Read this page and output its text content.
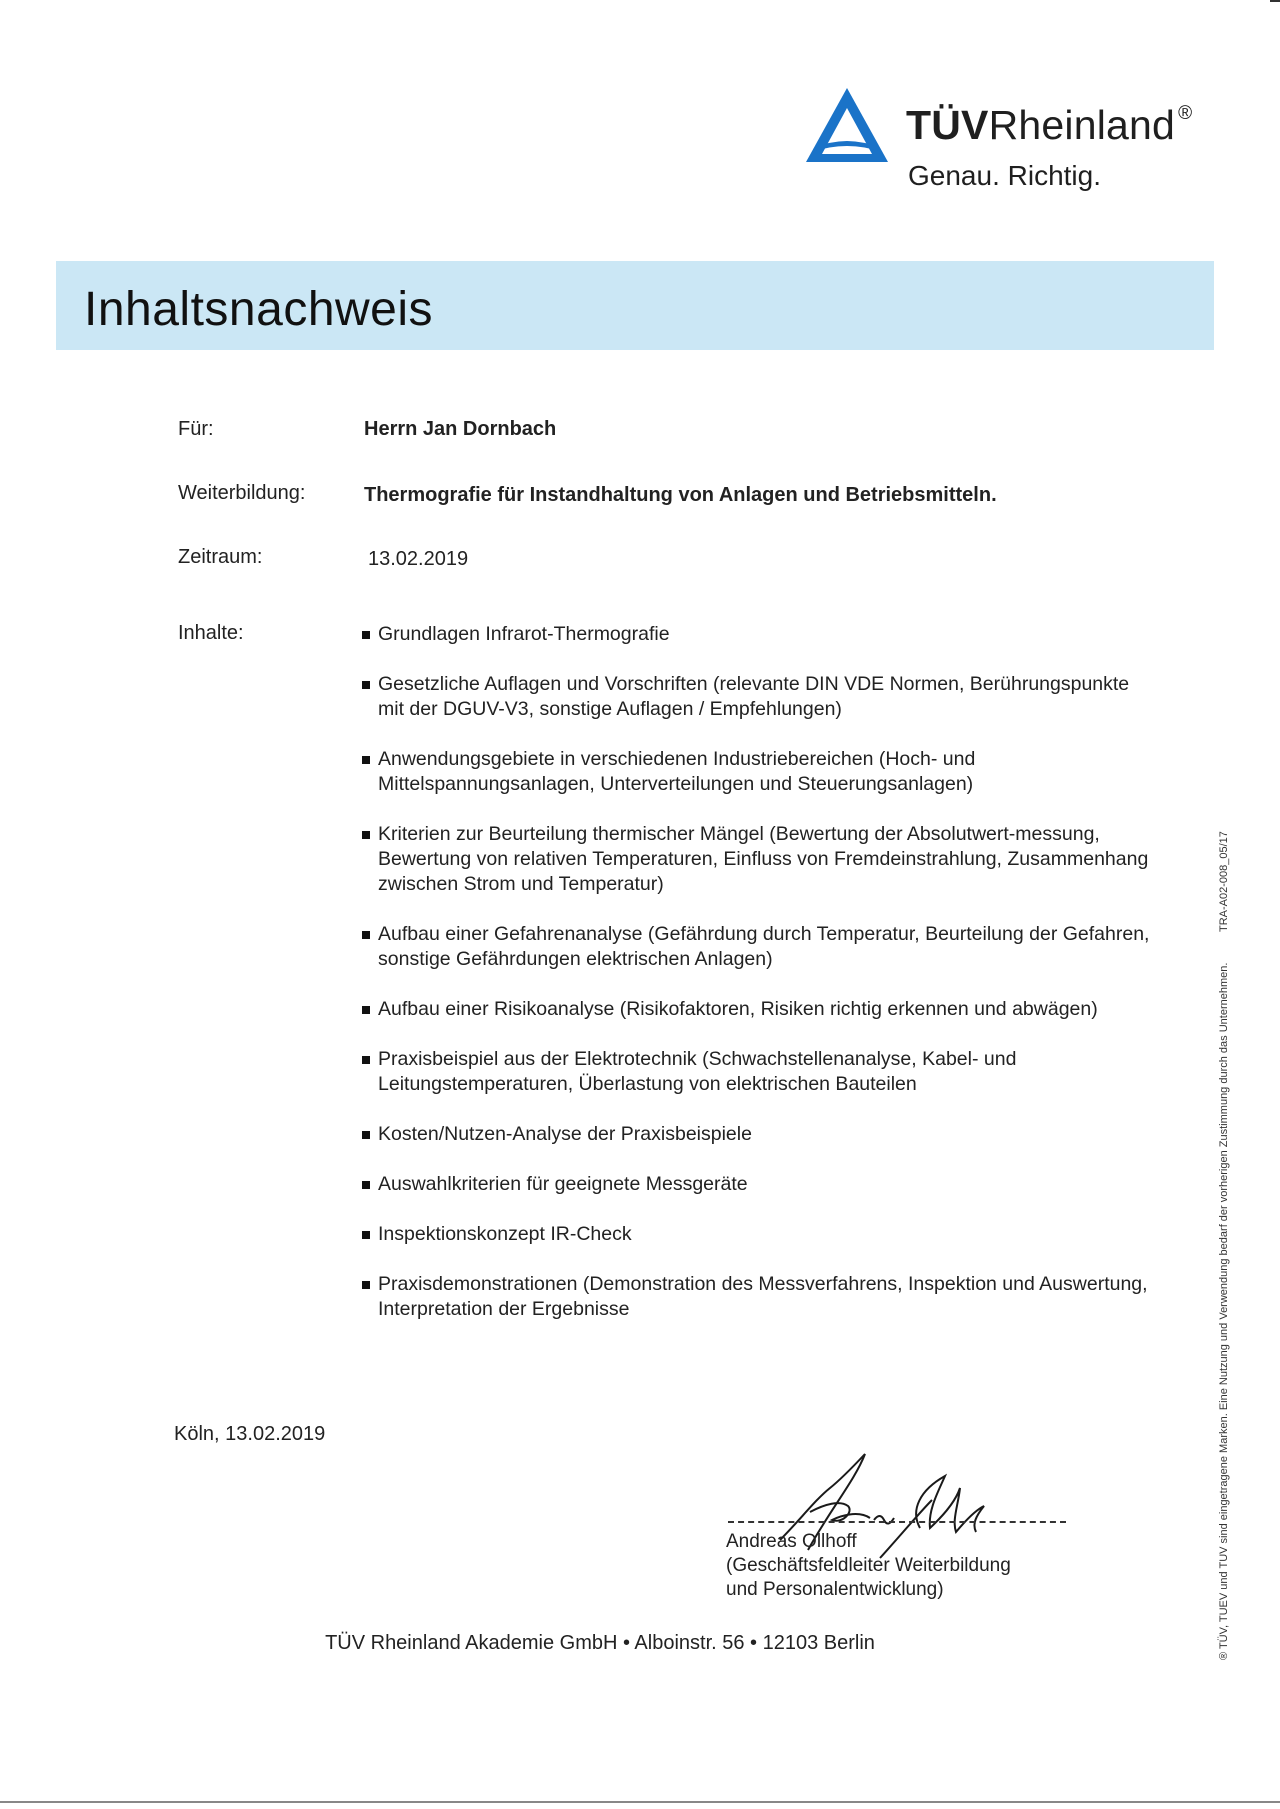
TÜVRheinland ®
Genau. Richtig.
Inhaltsnachweis
Für:	Herrn Jan Dornbach
Weiterbildung:	Thermografie für Instandhaltung von Anlagen und Betriebsmitteln.
Zeitraum:	13.02.2019
Inhalte:	Grundlagen Infrarot-Thermografie
Gesetzliche Auflagen und Vorschriften (relevante DIN VDE Normen, Berührungspunkte mit der DGUV-V3, sonstige Auflagen / Empfehlungen)
Anwendungsgebiete in verschiedenen Industriebereichen (Hoch- und Mittelspannungsanlagen, Unterverteilungen und Steuerungsanlagen)
Kriterien zur Beurteilung thermischer Mängel (Bewertung der Absolutwert-messung, Bewertung von relativen Temperaturen, Einfluss von Fremdeinstrahlung, Zusammenhang zwischen Strom und Temperatur)
Aufbau einer Gefahrenanalyse (Gefährdung durch Temperatur, Beurteilung der Gefahren, sonstige Gefährdungen elektrischen Anlagen)
Aufbau einer Risikoanalyse (Risikofaktoren, Risiken richtig erkennen und abwägen)
Praxisbeispiel aus der Elektrotechnik (Schwachstellenanalyse, Kabel- und Leitungstemperaturen, Überlastung von elektrischen Bauteilen
Kosten/Nutzen-Analyse der Praxisbeispiele
Auswahlkriterien für geeignete Messgeräte
Inspektionskonzept IR-Check
Praxisdemonstrationen (Demonstration des Messverfahrens, Inspektion und Auswertung, Interpretation der Ergebnisse
Köln, 13.02.2019
Andreas Ollhoff
(Geschäftsfeldleiter Weiterbildung
und Personalentwicklung)
TÜV Rheinland Akademie GmbH • Alboinstr. 56 • 12103 Berlin
TRA-A02-008_05/17
® TÜV, TUEV und TUV sind eingetragene Marken. Eine Nutzung und Verwendung bedarf der vorherigen Zustimmung durch das Unternehmen.
